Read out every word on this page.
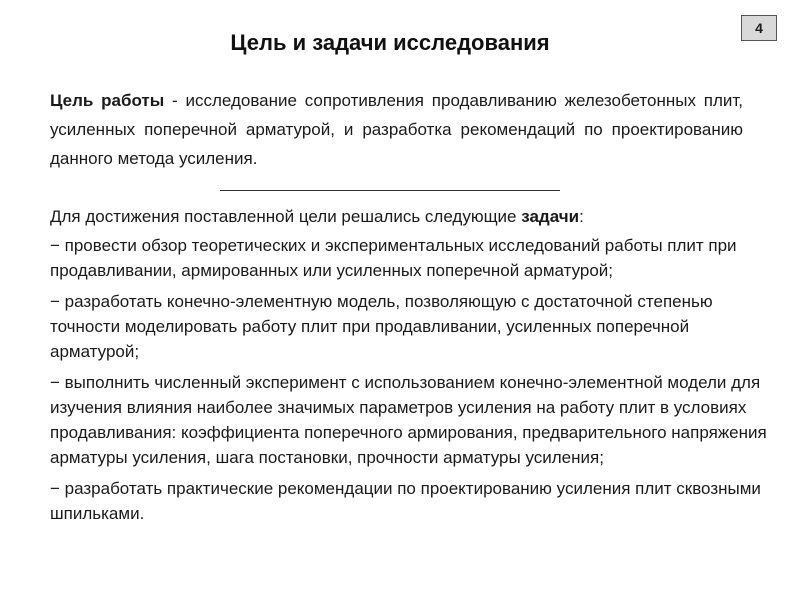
4
Цель и задачи исследования

Цель работы - исследование сопротивления продавливанию железобетонных плит, усиленных поперечной арматурой, и разработка рекомендаций по проектированию данного метода усиления.

Для достижения поставленной цели решались следующие задачи:

− провести обзор теоретических и экспериментальных исследований работы плит при продавливании, армированных или усиленных поперечной арматурой;

− разработать конечно-элементную модель, позволяющую с достаточной степенью точности моделировать работу плит при продавливании, усиленных поперечной арматурой;

− выполнить численный эксперимент с использованием конечно-элементной модели для изучения влияния наиболее значимых параметров усиления на работу плит в условиях продавливания: коэффициента поперечного армирования, предварительного напряжения арматуры усиления, шага постановки, прочности арматуры усиления;

− разработать практические рекомендации по проектированию усиления плит сквозными шпильками.
